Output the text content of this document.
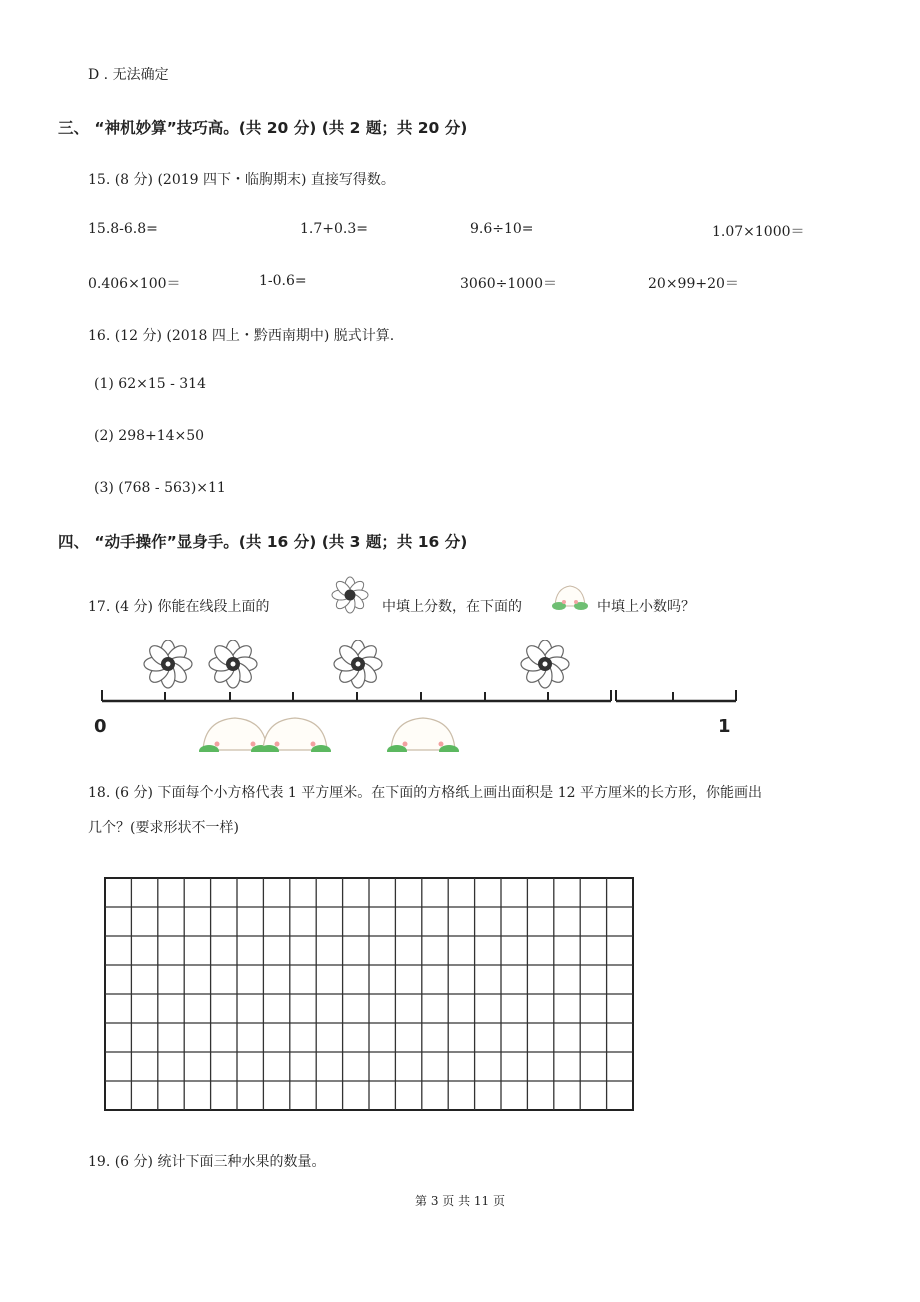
D . 无法确定
三、 “神机妙算”技巧高。(共 20 分) (共 2 题；共 20 分)
15. (8 分) (2019 四下・临朐期末) 直接写得数。
15.8-6.8=	1.7+0.3=	9.6÷10=	1.07×1000＝
0.406×100＝	1-0.6=	3060÷1000＝	20×99+20＝
16. (12 分) (2018 四上・黔西南期中) 脱式计算.
(1) 62×15 - 314
(2) 298+14×50
(3) (768 - 563)×11
四、 “动手操作”显身手。(共 16 分) (共 3 题；共 16 分)
17. (4 分) 你能在线段上面的	中填上分数，在下面的	中填上小数吗？
0	1
18. (6 分) 下面每个小方格代表 1 平方厘米。在下面的方格纸上画出面积是 12 平方厘米的长方形，你能画出
几个？(要求形状不一样)
19. (6 分) 统计下面三种水果的数量。
第 3 页 共 11 页
